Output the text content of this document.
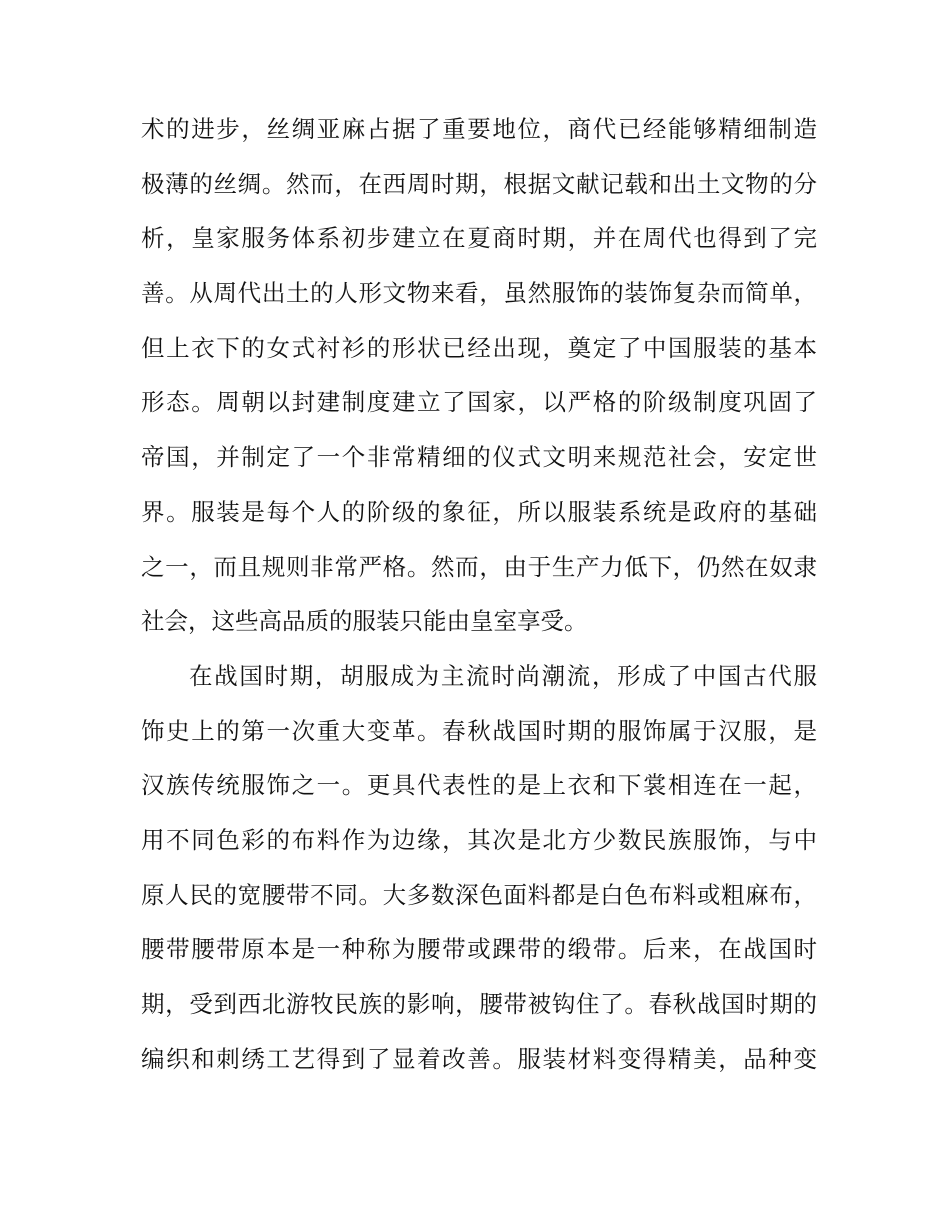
术的进步，丝绸亚麻占据了重要地位，商代已经能够精细制造
极薄的丝绸。然而，在西周时期，根据文献记载和出土文物的分
析，皇家服务体系初步建立在夏商时期，并在周代也得到了完
善。从周代出土的人形文物来看，虽然服饰的装饰复杂而简单，
但上衣下的女式衬衫的形状已经出现，奠定了中国服装的基本
形态。周朝以封建制度建立了国家，以严格的阶级制度巩固了
帝国，并制定了一个非常精细的仪式文明来规范社会，安定世
界。服装是每个人的阶级的象征，所以服装系统是政府的基础
之一，而且规则非常严格。然而，由于生产力低下，仍然在奴隶
社会，这些高品质的服装只能由皇室享受。
在战国时期，胡服成为主流时尚潮流，形成了中国古代服
饰史上的第一次重大变革。春秋战国时期的服饰属于汉服，是
汉族传统服饰之一。更具代表性的是上衣和下裳相连在一起，
用不同色彩的布料作为边缘，其次是北方少数民族服饰，与中
原人民的宽腰带不同。大多数深色面料都是白色布料或粗麻布，
腰带腰带原本是一种称为腰带或踝带的缎带。后来，在战国时
期，受到西北游牧民族的影响，腰带被钩住了。春秋战国时期的
编织和刺绣工艺得到了显着改善。服装材料变得精美，品种变
